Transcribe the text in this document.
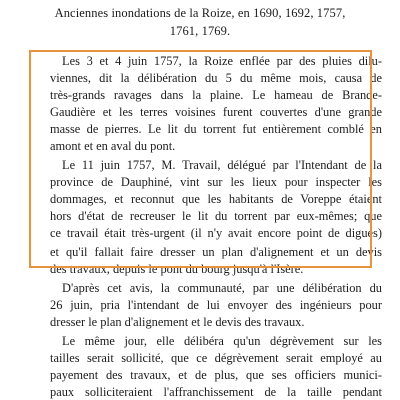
Anciennes inondations de la Roize, en 1690, 1692, 1757,
1761, 1769.
Les 3 et 4 juin 1757, la Roize enflée par des pluies dilu-
viennes, dit la délibération du 5 du même mois, causa de
très-grands ravages dans la plaine. Le hameau de Brande-
Gaudière et les terres voisines furent couvertes d'une grande
masse de pierres. Le lit du torrent fut entièrement comblé en
amont et en aval du pont.
Le 11 juin 1757, M. Travail, délégué par l'Intendant de la
province de Dauphiné, vint sur les lieux pour inspecter les
dommages, et reconnut que les habitants de Voreppe étaient
hors d'état de recreuser le lit du torrent par eux-mêmes; que
ce travail était très-urgent (il n'y avait encore point de digues)
et qu'il fallait faire dresser un plan d'alignement et un devis
des travaux, depuis le pont du bourg jusqu'à l'Isère.
D'après cet avis, la communauté, par une délibération du
26 juin, pria l'intendant de lui envoyer des ingénieurs pour
dresser le plan d'alignement et le devis des travaux.
Le même jour, elle délibéra qu'un dégrèvement sur les
tailles serait sollicité, que ce dégrèvement serait employé au
payement des travaux, et de plus, que ses officiers munici-
paux solliciteraient l'affranchissement de la taille pendant
